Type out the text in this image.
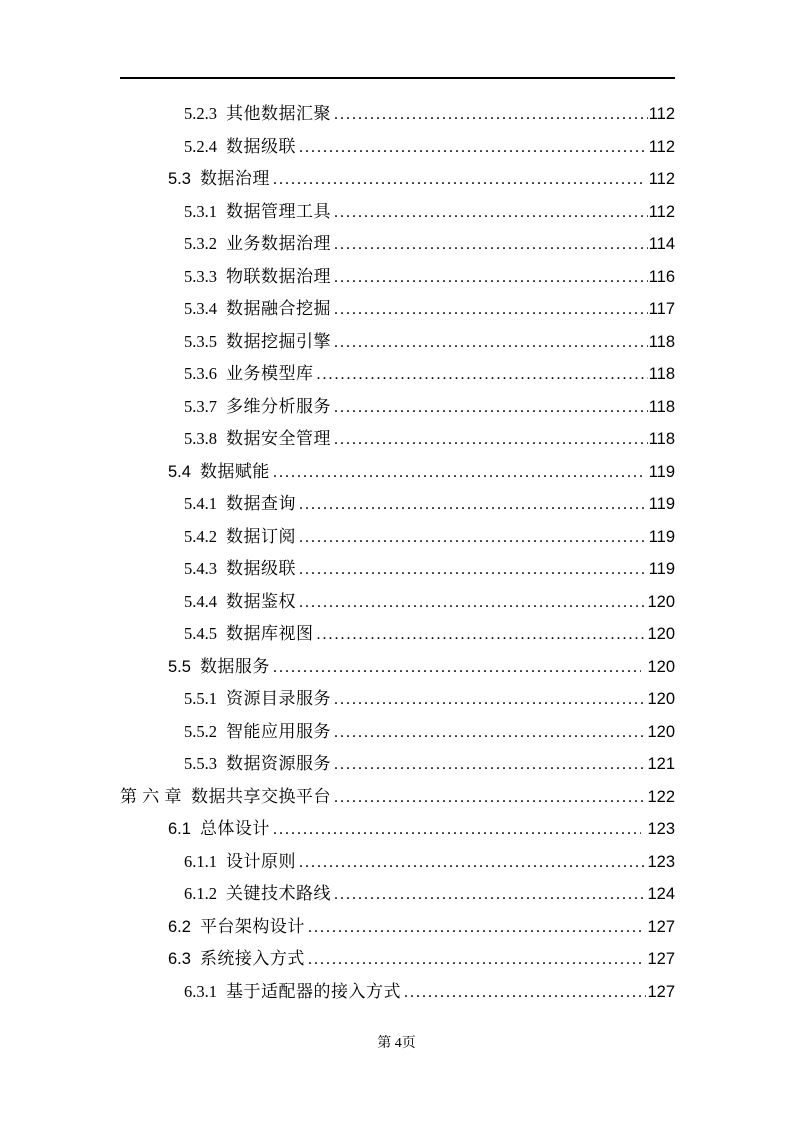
5.2.3 其他数据汇聚 .....	112
5.2.4 数据级联 .....	112
5.3 数据治理 .....	112
5.3.1 数据管理工具 .....	112
5.3.2 业务数据治理 .....	114
5.3.3 物联数据治理 .....	116
5.3.4 数据融合挖掘 .....	117
5.3.5 数据挖掘引擎 .....	118
5.3.6 业务模型库 .....	118
5.3.7 多维分析服务 .....	118
5.3.8 数据安全管理 .....	118
5.4 数据赋能 .....	119
5.4.1 数据查询 .....	119
5.4.2 数据订阅 .....	119
5.4.3 数据级联 .....	119
5.4.4 数据鉴权 .....	120
5.4.5 数据库视图 .....	120
5.5 数据服务 .....	120
5.5.1 资源目录服务 .....	120
5.5.2 智能应用服务 .....	120
5.5.3 数据资源服务 .....	121
第 六 章 数据共享交换平台 .....	122
6.1 总体设计 .....	123
6.1.1 设计原则 .....	123
6.1.2 关键技术路线 .....	124
6.2 平台架构设计 .....	127
6.3 系统接入方式 .....	127
6.3.1 基于适配器的接入方式 .....	127
第 4页
